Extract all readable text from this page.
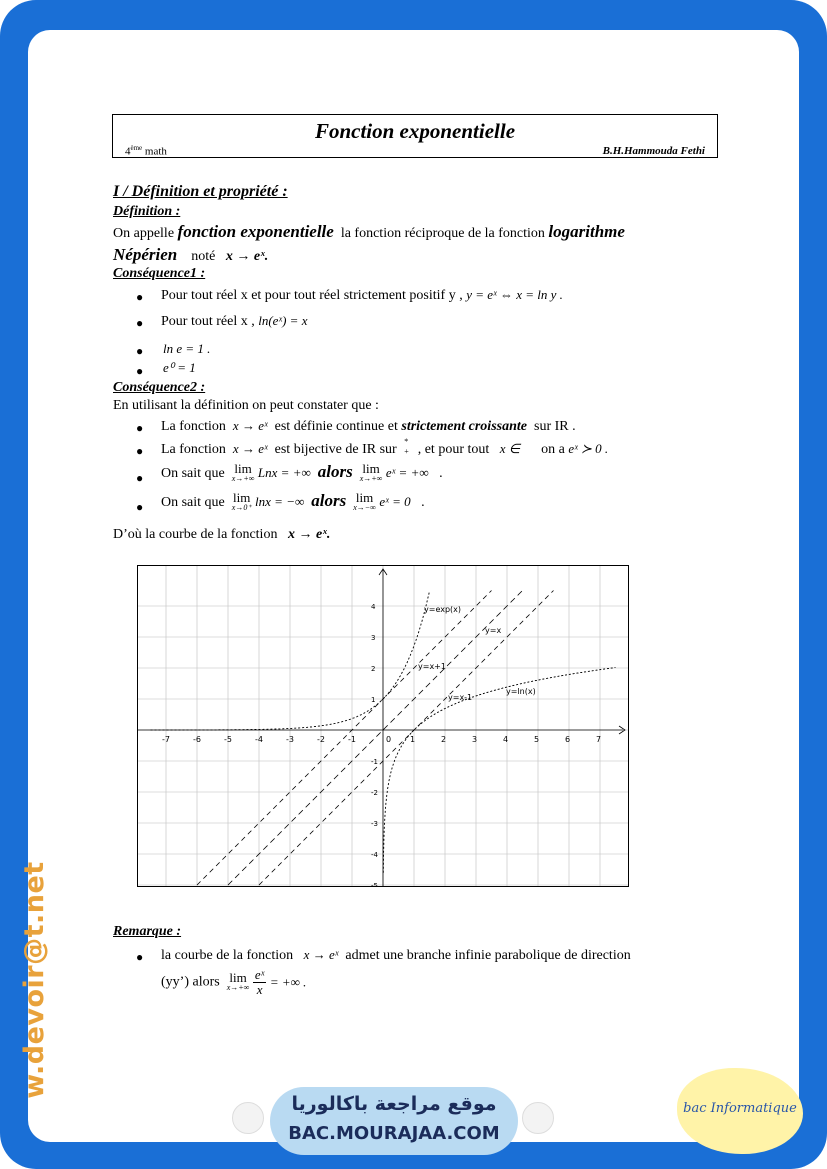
Fonction exponentielle
4ème math	B.H.Hammouda Fethi
I / Définition et propriété :
Définition :
On appelle fonction exponentielle la fonction réciproque de la fonction logarithme
Népérien noté x → eˣ.
Conséquence1 :
● Pour tout réel x et pour tout réel strictement positif y , y = eˣ ⇔ x = ln y .
● Pour tout réel x , ln(eˣ) = x
● ln e = 1 .
● e⁰ = 1
Conséquence2 :
En utilisant la définition on peut constater que :
● La fonction x → eˣ est définie continue et strictement croissante sur IR .
● La fonction x → eˣ est bijective de IR sur
*
+ , et pour tout x ∈ on a eˣ ≻ 0 .
● On sait que lim
x→+∞ Lnx = +∞ alors lim
x→+∞ eˣ = +∞ .
● On sait que lim
x→0⁺ lnx = −∞ alors lim
x→−∞ eˣ = 0 .
D’où la courbe de la fonction x → eˣ.
-7	-6	-5	-4	-3	-2	-1	0 1	2	3	4	5	6	7
4
3
2
1
-1
-2
-3
-4
-5
y=exp(x)
y=x
y=x+1
y=x-1
y=ln(x)
Remarque :
● la courbe de la fonction x → eˣ admet une branche infinie parabolique de direction
(yy’) alors lim
x→+∞
$\frac{\text{eˣ}}{x}$ = +∞ .
w.devoir@t.net
موقع مراجعة باكالوريا
BAC.MOURAJAA.COM
bac Informatique
